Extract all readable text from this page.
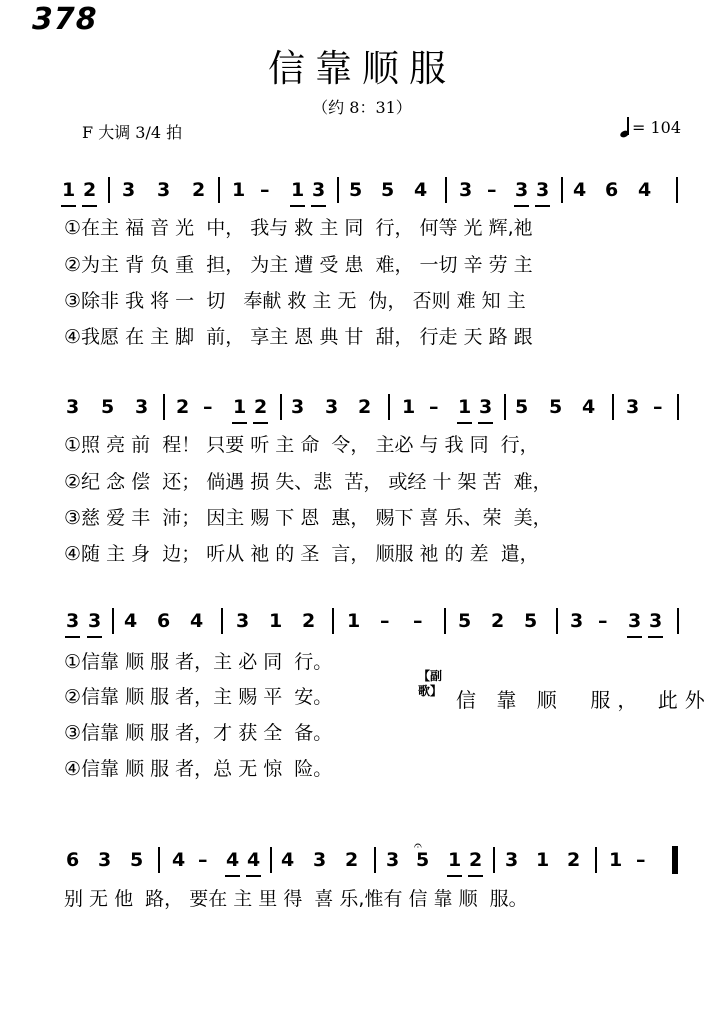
378
信靠顺服
（约 8：31）
F 大调 3/4 拍	= 104
1 2 3 3 2 1 – 1 3 5 5 4 3 – 3 3 4 6 4
①在主 福 音 光  中， 我与 救 主 同  行， 何等 光 辉,祂
②为主 背 负 重  担， 为主 遭 受 患  难， 一切 辛 劳 主
③除非 我 将 一  切   奉献 救 主 无  伪， 否则 难 知 主
④我愿 在 主 脚  前， 享主 恩 典 甘  甜， 行走 天 路 跟
3 5 3 2 – 1 2 3 3 2 1 – 1 3 5 5 4 3 –
①照 亮 前  程！ 只要 听 主 命  令， 主必 与 我 同  行，
②纪 念 偿  还； 倘遇 损 失、悲  苦， 或经 十 架 苦  难，
③慈 爱 丰  沛； 因主 赐 下 恩  惠， 赐下 喜 乐、荣  美，
④随 主 身  边； 听从 祂 的 圣  言， 顺服 祂 的 差  遣，
3 3 4 6 4 3 1 2 1 – – 5 2 5 3 – 3 3
①信靠 顺 服 者，主 必 同  行。
②信靠 顺 服 者，主 赐 平  安。
③信靠 顺 服 者，才 获 全  备。
④信靠 顺 服 者，总 无 惊  险。
【副歌】 信 靠 顺  服， 此外
6 3 5 4 – 4 4 4 3 2 3
𝄐 5 1 2 3 1 2 1 –
别 无 他  路， 要在 主 里 得  喜 乐,惟有 信 靠 顺  服。
